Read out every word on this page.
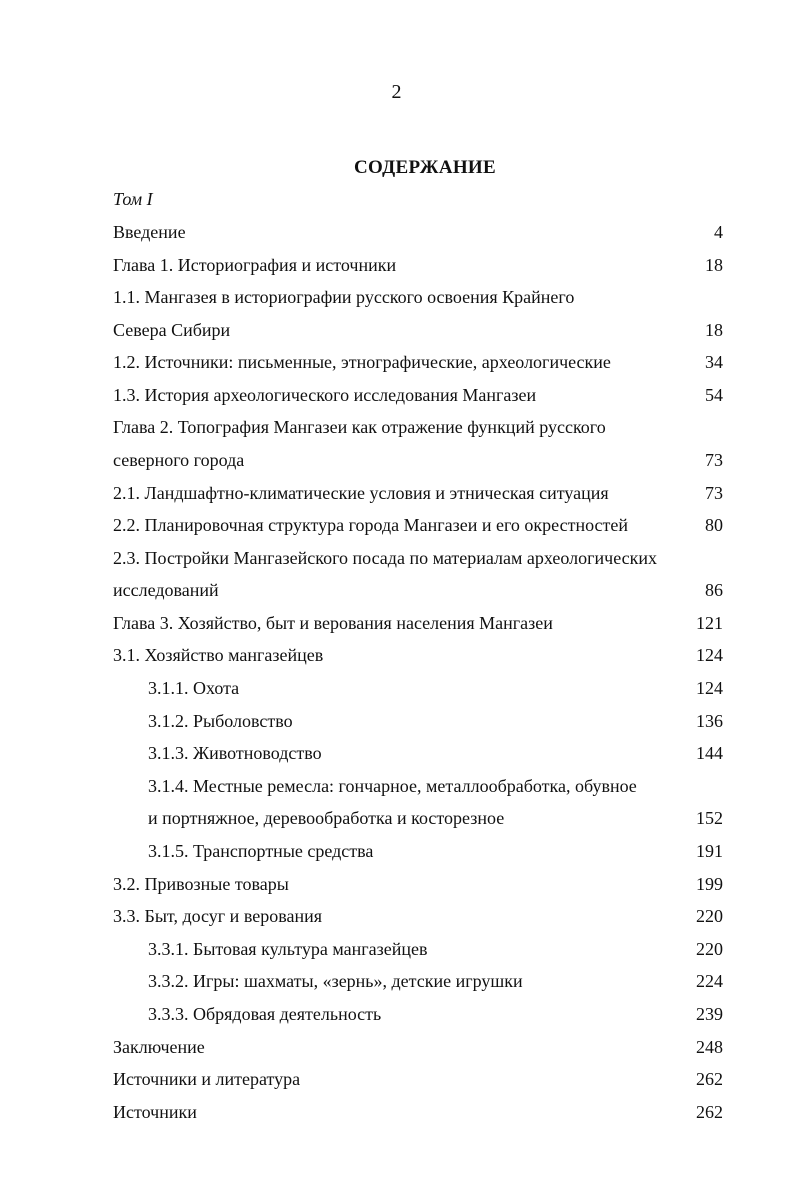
2
СОДЕРЖАНИЕ
Том I
Введение	4
Глава 1. Историография и источники	18
1.1. Мангазея в историографии русского освоения Крайнего
Севера Сибири	18
1.2. Источники: письменные, этнографические, археологические	34
1.3. История археологического исследования Мангазеи	54
Глава 2. Топография Мангазеи как отражение функций русского
северного города	73
2.1. Ландшафтно-климатические условия и этническая ситуация	73
2.2. Планировочная структура города Мангазеи и его окрестностей	80
2.3. Постройки Мангазейского посада по материалам археологических
исследований	86
Глава 3. Хозяйство, быт и верования населения Мангазеи	121
3.1. Хозяйство мангазейцев	124
3.1.1. Охота	124
3.1.2. Рыболовство	136
3.1.3. Животноводство	144
3.1.4. Местные ремесла: гончарное, металлообработка, обувное
и портняжное, деревообработка и косторезное	152
3.1.5. Транспортные средства	191
3.2. Привозные товары	199
3.3. Быт, досуг и верования	220
3.3.1. Бытовая культура мангазейцев	220
3.3.2. Игры: шахматы, «зернь», детские игрушки	224
3.3.3. Обрядовая деятельность	239
Заключение	248
Источники и литература	262
Источники	262
